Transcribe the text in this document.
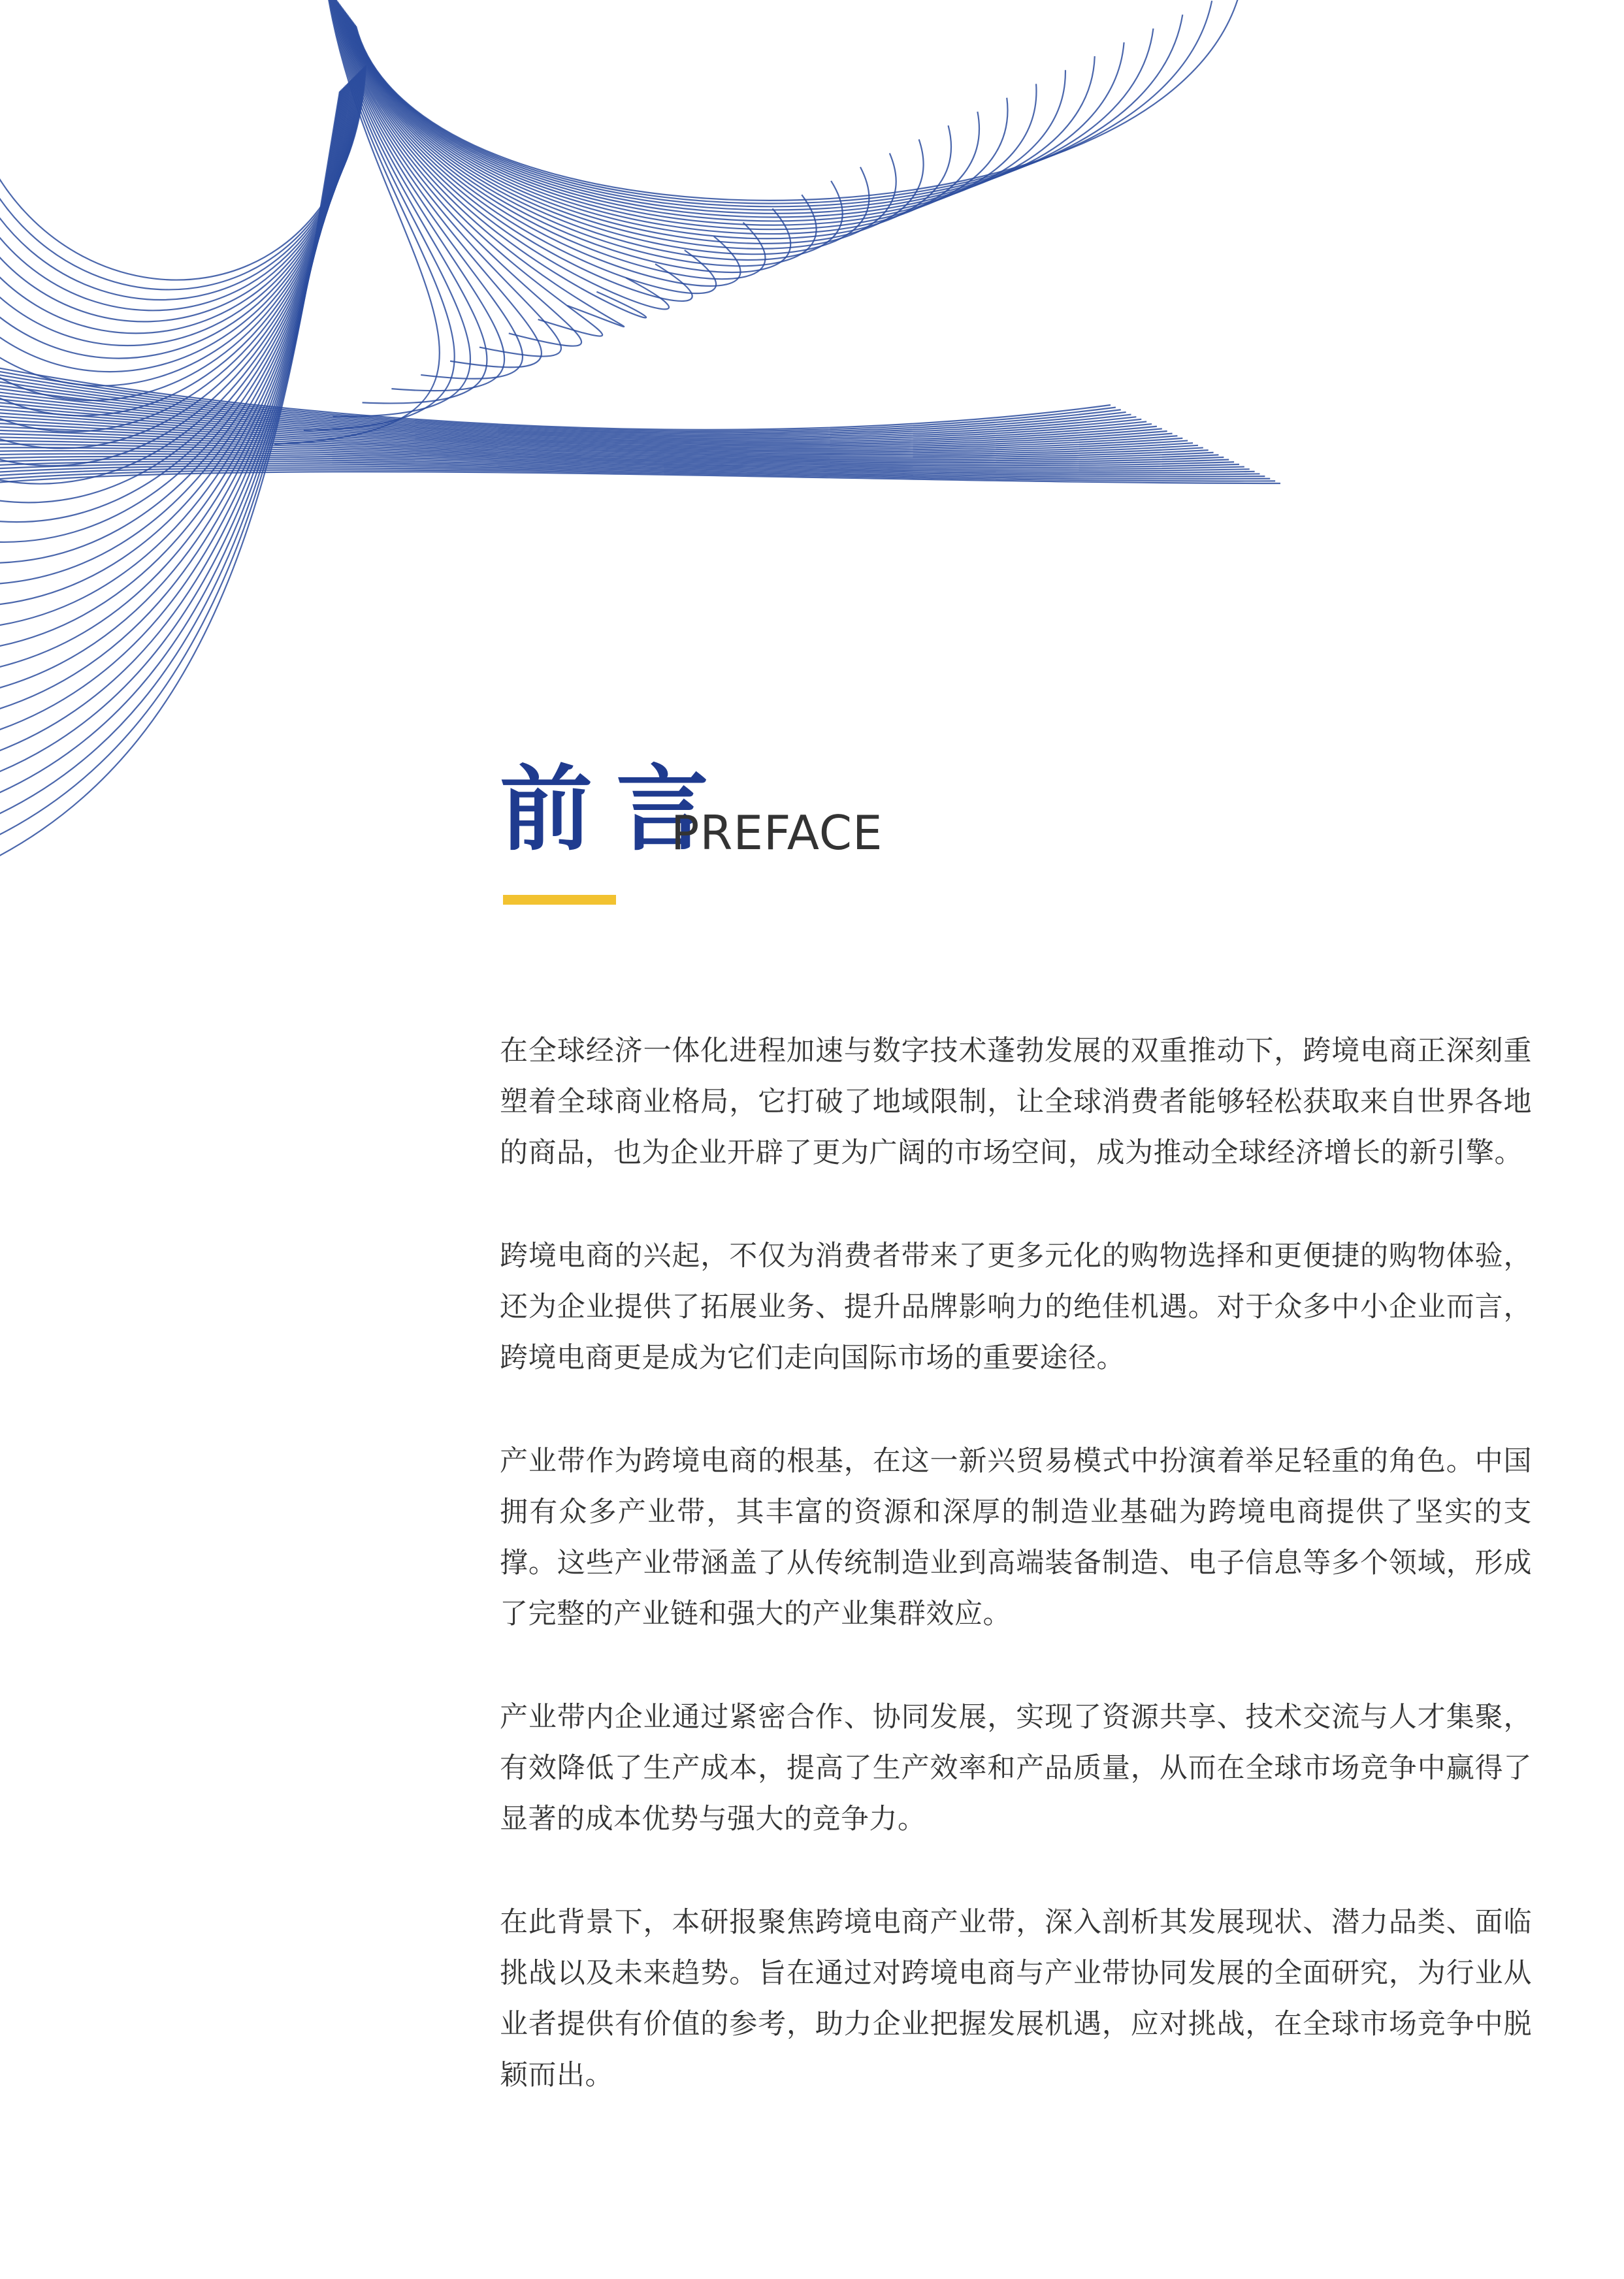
前言
PREFACE

在全球经济一体化进程加速与数字技术蓬勃发展的双重推动下，跨境电商正深刻重塑着全球商业格局，它打破了地域限制，让全球消费者能够轻松获取来自世界各地的商品，也为企业开辟了更为广阔的市场空间，成为推动全球经济增长的新引擎。

跨境电商的兴起，不仅为消费者带来了更多元化的购物选择和更便捷的购物体验，还为企业提供了拓展业务、提升品牌影响力的绝佳机遇。对于众多中小企业而言，跨境电商更是成为它们走向国际市场的重要途径。

产业带作为跨境电商的根基，在这一新兴贸易模式中扮演着举足轻重的角色。中国拥有众多产业带，其丰富的资源和深厚的制造业基础为跨境电商提供了坚实的支撑。这些产业带涵盖了从传统制造业到高端装备制造、电子信息等多个领域，形成了完整的产业链和强大的产业集群效应。

产业带内企业通过紧密合作、协同发展，实现了资源共享、技术交流与人才集聚，有效降低了生产成本，提高了生产效率和产品质量，从而在全球市场竞争中赢得了显著的成本优势与强大的竞争力。

在此背景下，本研报聚焦跨境电商产业带，深入剖析其发展现状、潜力品类、面临挑战以及未来趋势。旨在通过对跨境电商与产业带协同发展的全面研究，为行业从业者提供有价值的参考，助力企业把握发展机遇，应对挑战，在全球市场竞争中脱颖而出。
